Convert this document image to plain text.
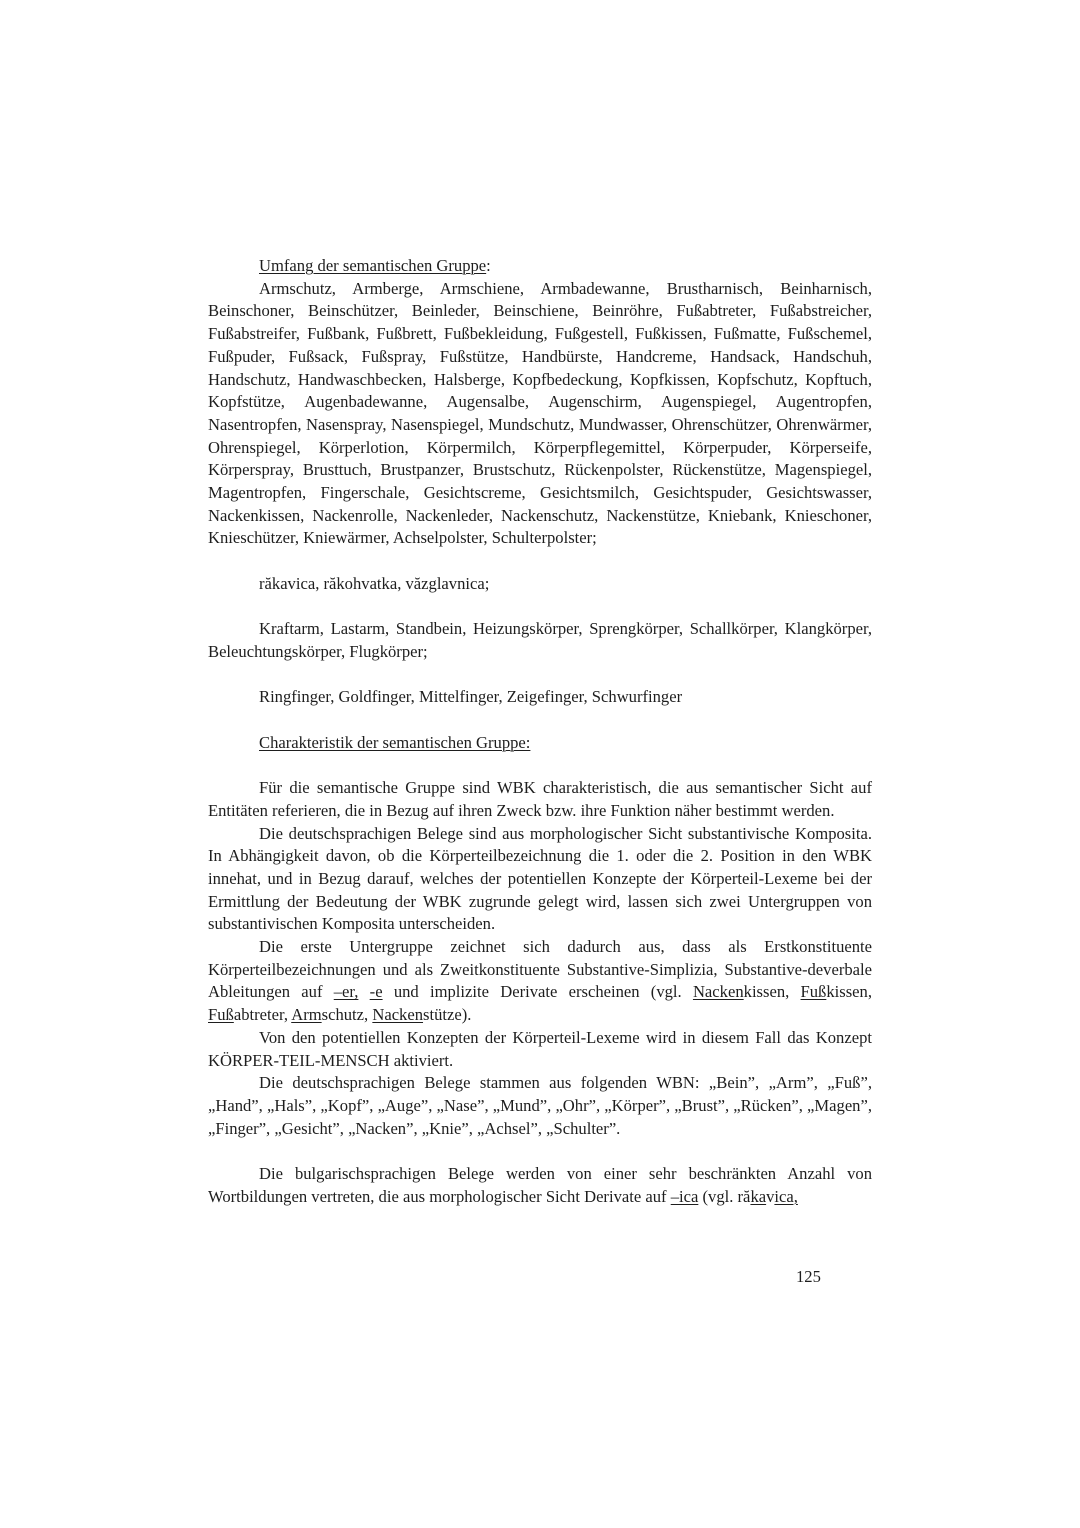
Umfang der semantischen Gruppe:

Armschutz, Armberge, Armschiene, Armbadewanne, Brustharnisch, Beinharnisch, Beinschoner, Beinschützer, Beinleder, Beinschiene, Beinröhre, Fußabtreter, Fußabstreicher, Fußabstreifer, Fußbank, Fußbrett, Fußbekleidung, Fußgestell, Fußkissen, Fußmatte, Fußschemel, Fußpuder, Fußsack, Fußspray, Fußstütze, Handbürste, Handcreme, Handsack, Handschuh, Handschutz, Handwaschbecken, Halsberge, Kopfbedeckung, Kopfkissen, Kopfschutz, Kopftuch, Kopfstütze, Augenbadewanne, Augensalbe, Augenschirm, Augenspiegel, Augentropfen, Nasentropfen, Nasenspray, Nasenspiegel, Mundschutz, Mundwasser, Ohrenschützer, Ohrenwärmer, Ohrenspiegel, Körperlotion, Körpermilch, Körperpflegemittel, Körperpuder, Körperseife, Körperspray, Brusttuch, Brustpanzer, Brustschutz, Rückenpolster, Rückenstütze, Magenspiegel, Magentropfen, Fingerschale, Gesichtscreme, Gesichtsmilch, Gesichtspuder, Gesichtswasser, Nackenkissen, Nackenrolle, Nackenleder, Nackenschutz, Nackenstütze, Kniebank, Knieschoner, Knieschützer, Kniewärmer, Achselpolster, Schulterpolster;

răkavica, răkohvatka, văzglavnica;

Kraftarm, Lastarm, Standbein, Heizungskörper, Sprengkörper, Schallkörper, Klangkörper, Beleuchtungskörper, Flugkörper;

Ringfinger, Goldfinger, Mittelfinger, Zeigefinger, Schwurfinger

Charakteristik der semantischen Gruppe:

Für die semantische Gruppe sind WBK charakteristisch, die aus semantischer Sicht auf Entitäten referieren, die in Bezug auf ihren Zweck bzw. ihre Funktion näher bestimmt werden.

Die deutschsprachigen Belege sind aus morphologischer Sicht substantivische Komposita. In Abhängigkeit davon, ob die Körperteilbezeichnung die 1. oder die 2. Position in den WBK innehat, und in Bezug darauf, welches der potentiellen Konzepte der Körperteil-Lexeme bei der Ermittlung der Bedeutung der WBK zugrunde gelegt wird, lassen sich zwei Untergruppen von substantivischen Komposita unterscheiden.

Die erste Untergruppe zeichnet sich dadurch aus, dass als Erstkonstituente Körperteilbezeichnungen und als Zweitkonstituente Substantive-Simplizia, Substantive-deverbale Ableitungen auf –er, -e und implizite Derivate erscheinen (vgl. Nackenkissen, Fußkissen, Fußabtreter, Armschutz, Nackenstütze).

Von den potentiellen Konzepten der Körperteil-Lexeme wird in diesem Fall das Konzept KÖRPER-TEIL-MENSCH aktiviert.

Die deutschsprachigen Belege stammen aus folgenden WBN: „Bein”, „Arm”, „Fuß”, „Hand”, „Hals”, „Kopf”, „Auge”, „Nase”, „Mund”, „Ohr”, „Körper”, „Brust”, „Rücken”, „Magen”, „Finger”, „Gesicht”, „Nacken”, „Knie”, „Achsel”, „Schulter”.

Die bulgarischsprachigen Belege werden von einer sehr beschränkten Anzahl von Wortbildungen vertreten, die aus morphologischer Sicht Derivate auf –ica (vgl. răkavica,

125
